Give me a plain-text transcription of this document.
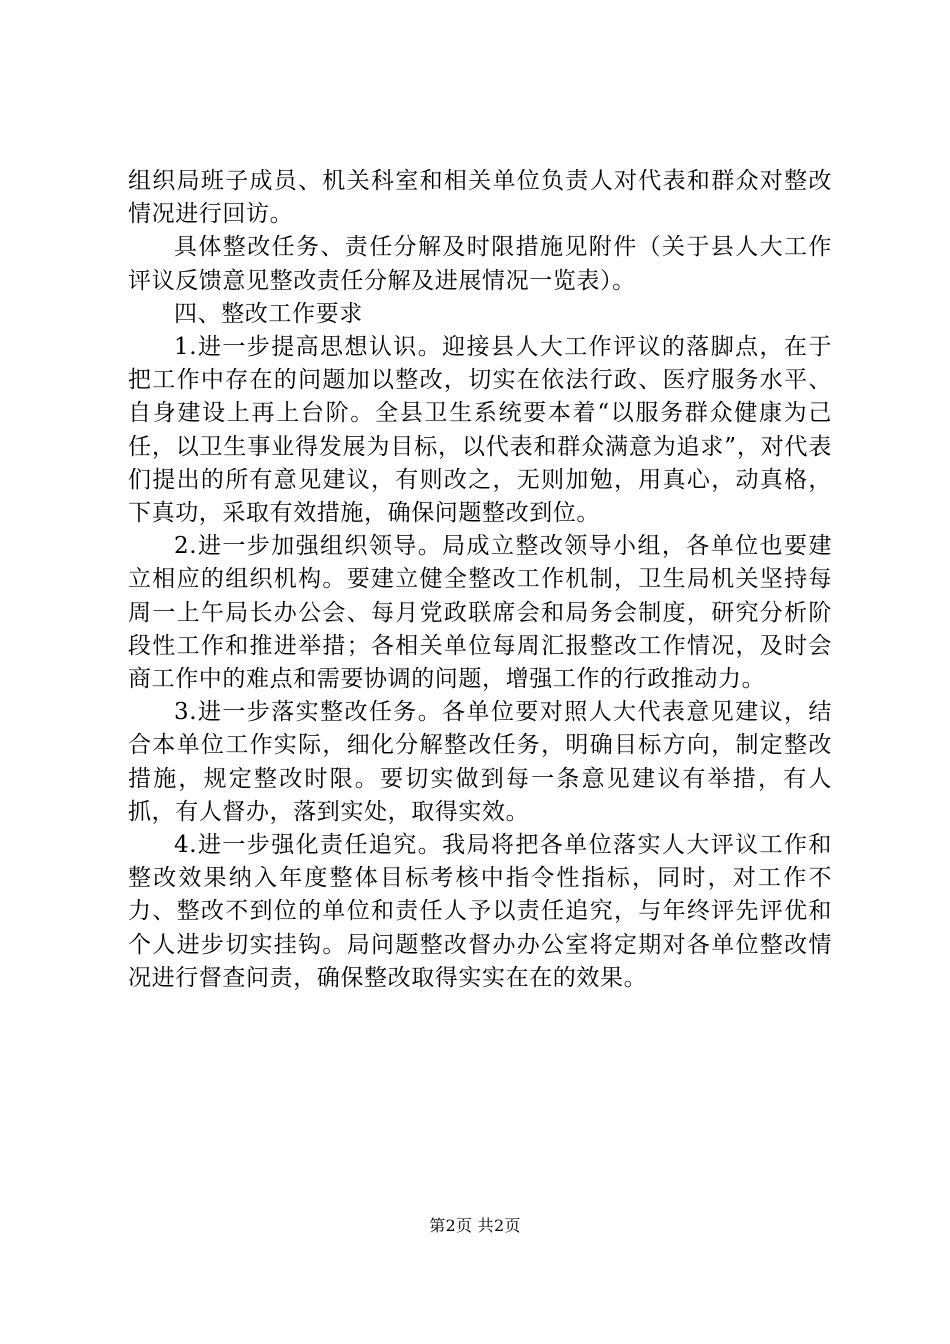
组织局班子成员、机关科室和相关单位负责人对代表和群众对整改情况进行回访。

具体整改任务、责任分解及时限措施见附件（关于县人大工作评议反馈意见整改责任分解及进展情况一览表）。

四、整改工作要求

1.进一步提高思想认识。迎接县人大工作评议的落脚点，在于把工作中存在的问题加以整改，切实在依法行政、医疗服务水平、自身建设上再上台阶。全县卫生系统要本着“以服务群众健康为己任，以卫生事业得发展为目标，以代表和群众满意为追求”，对代表们提出的所有意见建议，有则改之，无则加勉，用真心，动真格，下真功，采取有效措施，确保问题整改到位。

2.进一步加强组织领导。局成立整改领导小组，各单位也要建立相应的组织机构。要建立健全整改工作机制，卫生局机关坚持每周一上午局长办公会、每月党政联席会和局务会制度，研究分析阶段性工作和推进举措；各相关单位每周汇报整改工作情况，及时会商工作中的难点和需要协调的问题，增强工作的行政推动力。

3.进一步落实整改任务。各单位要对照人大代表意见建议，结合本单位工作实际，细化分解整改任务，明确目标方向，制定整改措施，规定整改时限。要切实做到每一条意见建议有举措，有人抓，有人督办，落到实处，取得实效。

4.进一步强化责任追究。我局将把各单位落实人大评议工作和整改效果纳入年度整体目标考核中指令性指标，同时，对工作不力、整改不到位的单位和责任人予以责任追究，与年终评先评优和个人进步切实挂钩。局问题整改督办办公室将定期对各单位整改情况进行督查问责，确保整改取得实实在在的效果。

第2页 共2页
